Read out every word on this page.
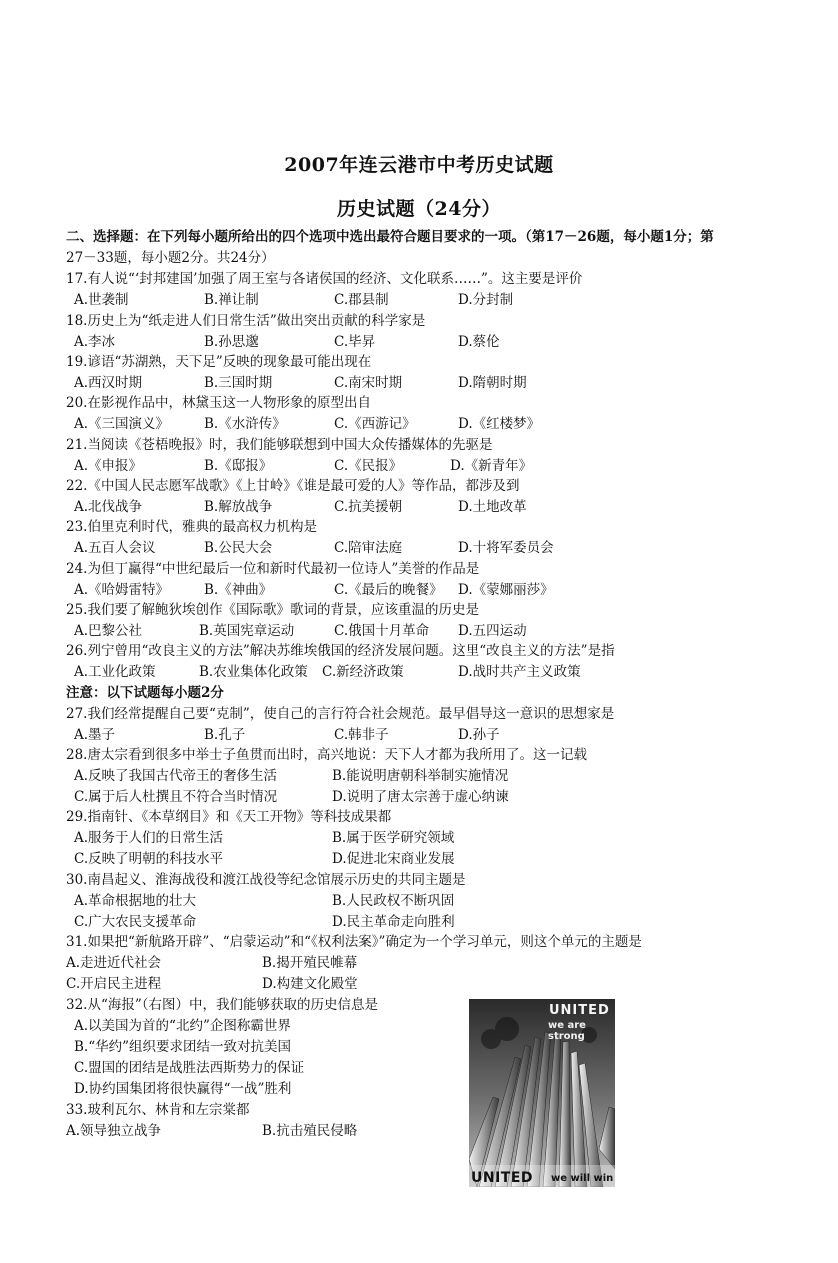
2007年连云港市中考历史试题
历史试题（24分）
二、选择题：在下列每小题所给出的四个选项中选出最符合题目要求的一项。（第17－26题，每小题1分；第
27－33题，每小题2分。共24分）
17.有人说“‘封邦建国’加强了周王室与各诸侯国的经济、文化联系……”。这主要是评价
A.世袭制	B.禅让制	C.郡县制	D.分封制
18.历史上为“纸走进人们日常生活”做出突出贡献的科学家是
A.李冰	B.孙思邈	C.毕昇	D.蔡伦
19.谚语“苏湖熟，天下足”反映的现象最可能出现在
A.西汉时期	B.三国时期	C.南宋时期	D.隋朝时期
20.在影视作品中，林黛玉这一人物形象的原型出自
A.《三国演义》	B.《水浒传》	C.《西游记》	D.《红楼梦》
21.当阅读《苍梧晚报》时，我们能够联想到中国大众传播媒体的先驱是
A.《申报》	B.《邸报》	C.《民报》	D.《新青年》
22.《中国人民志愿军战歌》《上甘岭》《谁是最可爱的人》等作品，都涉及到
A.北伐战争	B.解放战争	C.抗美援朝	D.土地改革
23.伯里克利时代，雅典的最高权力机构是
A.五百人会议	B.公民大会	C.陪审法庭	D.十将军委员会
24.为但丁赢得“中世纪最后一位和新时代最初一位诗人”美誉的作品是
A.《哈姆雷特》	B.《神曲》	C.《最后的晚餐》 D.《蒙娜丽莎》
25.我们要了解鲍狄埃创作《国际歌》歌词的背景，应该重温的历史是
A.巴黎公社	B.英国宪章运动	C.俄国十月革命 D.五四运动
26.列宁曾用“改良主义的方法”解决苏维埃俄国的经济发展问题。这里“改良主义的方法”是指
A.工业化政策	B.农业集体化政策 C.新经济政策	D.战时共产主义政策
注意：以下试题每小题2分
27.我们经常提醒自己要“克制”，使自己的言行符合社会规范。最早倡导这一意识的思想家是
A.墨子	B.孔子	C.韩非子	D.孙子
28.唐太宗看到很多中举士子鱼贯而出时，高兴地说：天下人才都为我所用了。这一记载
A.反映了我国古代帝王的奢侈生活	B.能说明唐朝科举制实施情况
C.属于后人杜撰且不符合当时情况	D.说明了唐太宗善于虚心纳谏
29.指南针、《本草纲目》和《天工开物》等科技成果都
A.服务于人们的日常生活	B.属于医学研究领域
C.反映了明朝的科技水平	D.促进北宋商业发展
30.南昌起义、淮海战役和渡江战役等纪念馆展示历史的共同主题是
A.革命根据地的壮大	B.人民政权不断巩固
C.广大农民支援革命	D.民主革命走向胜利
31.如果把“新航路开辟”、“启蒙运动”和“《权利法案》”确定为一个学习单元，则这个单元的主题是
A.走进近代社会	B.揭开殖民帷幕
C.开启民主进程	D.构建文化殿堂
32.从“海报”（右图）中，我们能够获取的历史信息是
A.以美国为首的“北约”企图称霸世界
B.“华约”组织要求团结一致对抗美国
C.盟国的团结是战胜法西斯势力的保证
D.协约国集团将很快赢得“一战”胜利
33.玻利瓦尔、林肯和左宗棠都
A.领导独立战争	B.抗击殖民侵略
UNITED
we are strong
UNITED we will win
